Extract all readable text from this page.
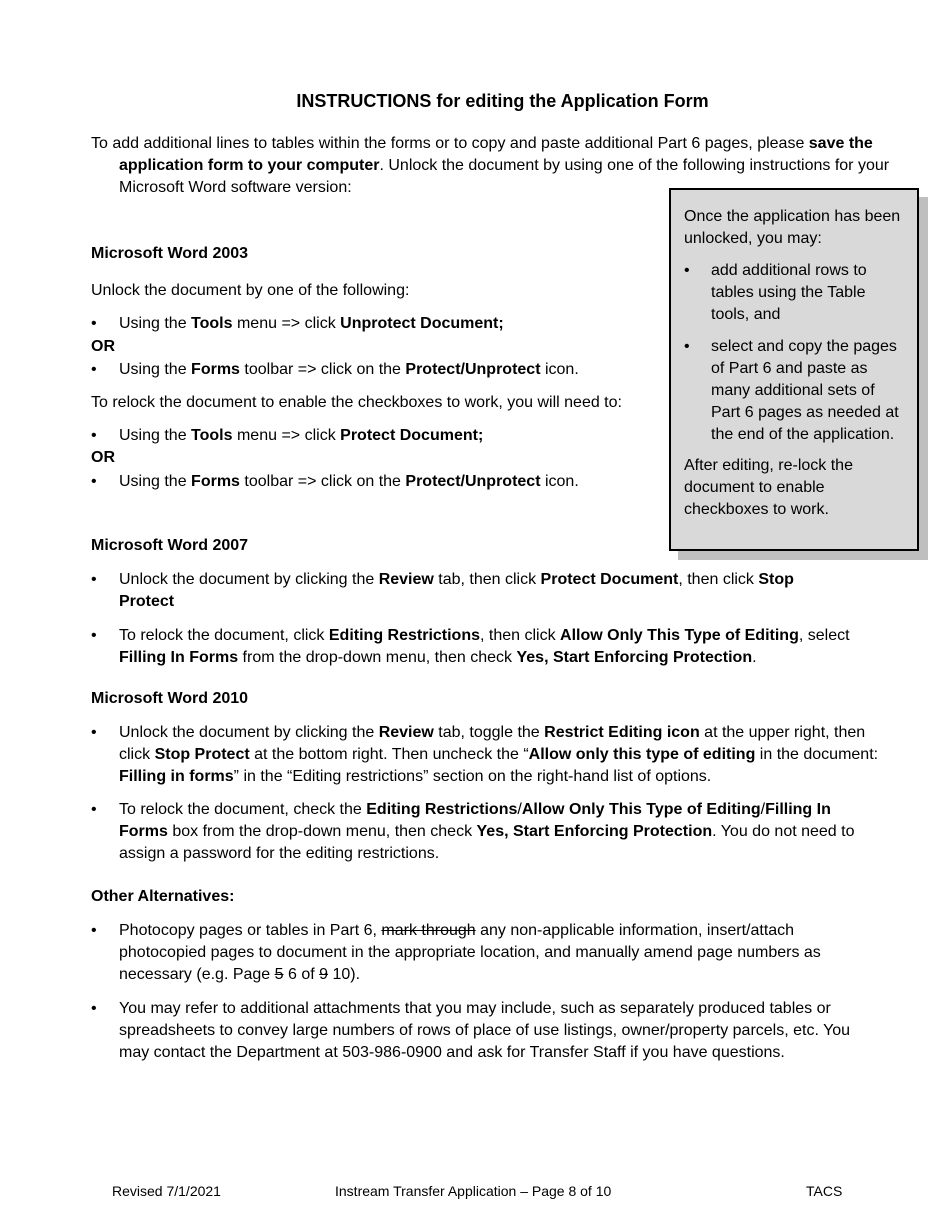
INSTRUCTIONS for editing the Application Form
To add additional lines to tables within the forms or to copy and paste additional Part 6 pages, please save the application form to your computer. Unlock the document by using one of the following instructions for your Microsoft Word software version:

Once the application has been unlocked, you may:

• add additional rows to tables using the Table tools, and
• select and copy the pages of Part 6 and paste as many additional sets of Part 6 pages as needed at the end of the application.

After editing, re-lock the document to enable checkboxes to work.

Microsoft Word 2003
Unlock the document by one of the following:
• Using the Tools menu => click Unprotect Document;
OR
• Using the Forms toolbar => click on the Protect/Unprotect icon.
To relock the document to enable the checkboxes to work, you will need to:
• Using the Tools menu => click Protect Document;
OR
• Using the Forms toolbar => click on the Protect/Unprotect icon.
Microsoft Word 2007
• Unlock the document by clicking the Review tab, then click Protect Document, then click Stop Protect
• To relock the document, click Editing Restrictions, then click Allow Only This Type of Editing, select Filling In Forms from the drop-down menu, then check Yes, Start Enforcing Protection.
Microsoft Word 2010
• Unlock the document by clicking the Review tab, toggle the Restrict Editing icon at the upper right, then click Stop Protect at the bottom right. Then uncheck the “Allow only this type of editing in the document: Filling in forms” in the “Editing restrictions” section on the right-hand list of options.
• To relock the document, check the Editing Restrictions/Allow Only This Type of Editing/Filling In Forms box from the drop-down menu, then check Yes, Start Enforcing Protection. You do not need to assign a password for the editing restrictions.
Other Alternatives:
• Photocopy pages or tables in Part 6, mark through any non-applicable information, insert/attach photocopied pages to document in the appropriate location, and manually amend page numbers as necessary (e.g. Page 5 6 of 9 10).
• You may refer to additional attachments that you may include, such as separately produced tables or spreadsheets to convey large numbers of rows of place of use listings, owner/property parcels, etc. You may contact the Department at 503-986-0900 and ask for Transfer Staff if you have questions.
Revised 7/1/2021	Instream Transfer Application – Page 8 of 10	TACS
